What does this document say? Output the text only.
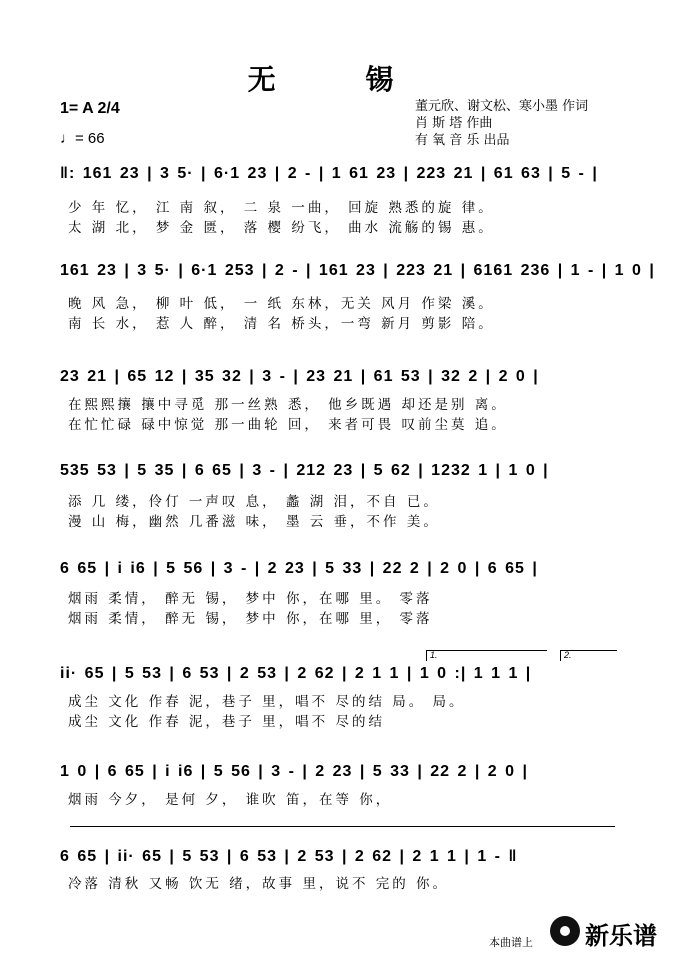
无 锡
1= A 2/4
♩= 66
董元欣、谢文松、寒小墨 作词
肖 斯 塔 作曲
有 氧 音 乐 出品
‖: 161 23 | 3 5· | 6·1 23 | 2 - | 1 61 23 | 223 21 | 61 63 | 5 - |
少 年 忆， 江 南 叙， 二 泉 一曲， 回旋 熟悉的旋 律。
太 湖 北， 梦 金 匮， 落 樱 纷飞， 曲水 流觞的锡 惠。
161 23 | 3 5· | 6·1 253 | 2 - | 161 23 | 223 21 | 6161 236 | 1 - | 1 0 |
晚 风 急， 柳 叶 低， 一 纸 东林，无关 风月 作梁 溪。
南 长 水， 惹 人 醉， 清 名 桥头，一弯 新月 剪影 陪。
23 21 | 65 12 | 35 32 | 3 - | 23 21 | 61 53 | 32 2 | 2 0 |
在熙熙攘 攘中寻觅 那一丝熟 悉， 他乡既遇 却还是别 离。
在忙忙碌 碌中惊觉 那一曲轮 回， 来者可畏 叹前尘莫 追。
535 53 | 5 35 | 6 65 | 3 - | 212 23 | 5 62 | 1232 1 | 1 0 |
添 几 缕，伶仃 一声叹 息， 蠡 湖 泪，不自 已。
漫 山 梅，幽然 几番滋 味， 墨 云 垂，不作 美。
6 65 | i i6 | 5 56 | 3 - | 2 23 | 5 33 | 22 2 | 2 0 | 6 65 |
烟雨 柔情， 醉无 锡， 梦中 你，在哪 里。 零落
烟雨 柔情， 醉无 锡， 梦中 你，在哪 里， 零落
1.	2.
ii· 65 | 5 53 | 6 53 | 2 53 | 2 62 | 2 1 1 | 1 0 :| 1 1 1 |
成尘 文化 作春 泥，巷子 里，唱不 尽的结 局。 局。
成尘 文化 作春 泥，巷子 里，唱不 尽的结
1 0 | 6 65 | i i6 | 5 56 | 3 - | 2 23 | 5 33 | 22 2 | 2 0 |
烟雨 今夕， 是何 夕， 谁吹 笛，在等 你，
6 65 | ii· 65 | 5 53 | 6 53 | 2 53 | 2 62 | 2 1 1 | 1 - ‖
冷落 清秋 又畅 饮无 绪，故事 里，说不 完的 你。
本曲谱上 新乐谱
